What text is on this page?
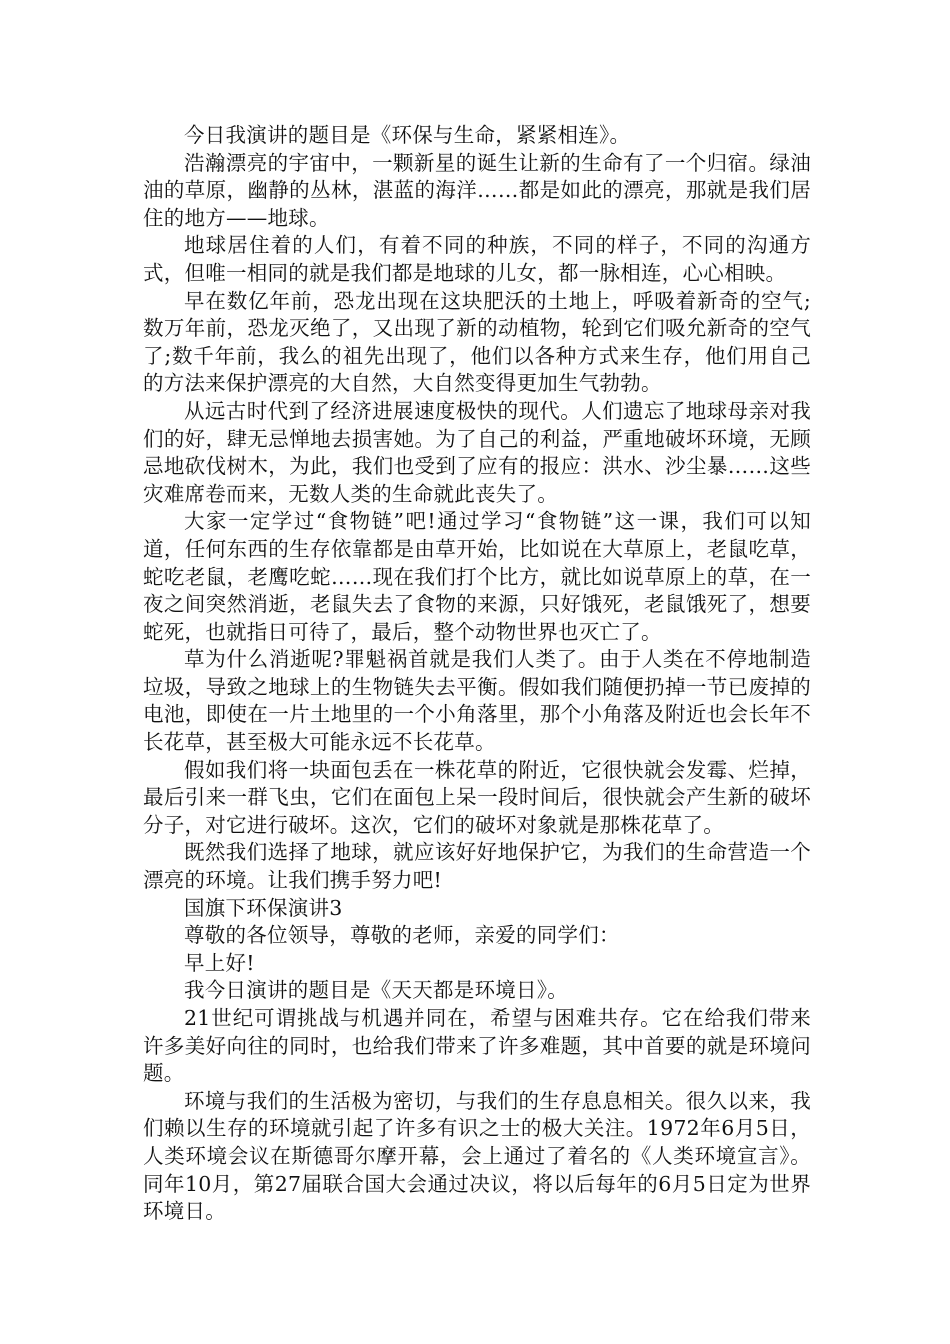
今日我演讲的题目是《环保与生命，紧紧相连》。

浩瀚漂亮的宇宙中，一颗新星的诞生让新的生命有了一个归宿。绿油油的草原，幽静的丛林，湛蓝的海洋……都是如此的漂亮，那就是我们居住的地方——地球。

地球居住着的人们，有着不同的种族，不同的样子，不同的沟通方式，但唯一相同的就是我们都是地球的儿女，都一脉相连，心心相映。

早在数亿年前，恐龙出现在这块肥沃的土地上，呼吸着新奇的空气;数万年前，恐龙灭绝了，又出现了新的动植物，轮到它们吸允新奇的空气了;数千年前，我么的祖先出现了，他们以各种方式来生存，他们用自己的方法来保护漂亮的大自然，大自然变得更加生气勃勃。

从远古时代到了经济进展速度极快的现代。人们遗忘了地球母亲对我们的好，肆无忌惮地去损害她。为了自己的利益，严重地破坏环境，无顾忌地砍伐树木，为此，我们也受到了应有的报应：洪水、沙尘暴……这些灾难席卷而来，无数人类的生命就此丧失了。

大家一定学过“食物链”吧!通过学习“食物链”这一课，我们可以知道，任何东西的生存依靠都是由草开始，比如说在大草原上，老鼠吃草，蛇吃老鼠，老鹰吃蛇……现在我们打个比方，就比如说草原上的草，在一夜之间突然消逝，老鼠失去了食物的来源，只好饿死，老鼠饿死了，想要蛇死，也就指日可待了，最后，整个动物世界也灭亡了。

草为什么消逝呢?罪魁祸首就是我们人类了。由于人类在不停地制造垃圾，导致之地球上的生物链失去平衡。假如我们随便扔掉一节已废掉的电池，即使在一片土地里的一个小角落里，那个小角落及附近也会长年不长花草，甚至极大可能永远不长花草。

假如我们将一块面包丢在一株花草的附近，它很快就会发霉、烂掉，最后引来一群飞虫，它们在面包上呆一段时间后，很快就会产生新的破坏分子，对它进行破坏。这次，它们的破坏对象就是那株花草了。

既然我们选择了地球，就应该好好地保护它，为我们的生命营造一个漂亮的环境。让我们携手努力吧!

国旗下环保演讲3

尊敬的各位领导，尊敬的老师，亲爱的同学们：

早上好!

我今日演讲的题目是《天天都是环境日》。

21世纪可谓挑战与机遇并同在，希望与困难共存。它在给我们带来许多美好向往的同时，也给我们带来了许多难题，其中首要的就是环境问题。

环境与我们的生活极为密切，与我们的生存息息相关。很久以来，我们赖以生存的环境就引起了许多有识之士的极大关注。1972年6月5日，人类环境会议在斯德哥尔摩开幕，会上通过了着名的《人类环境宣言》。同年10月，第27届联合国大会通过决议，将以后每年的6月5日定为世界环境日。
